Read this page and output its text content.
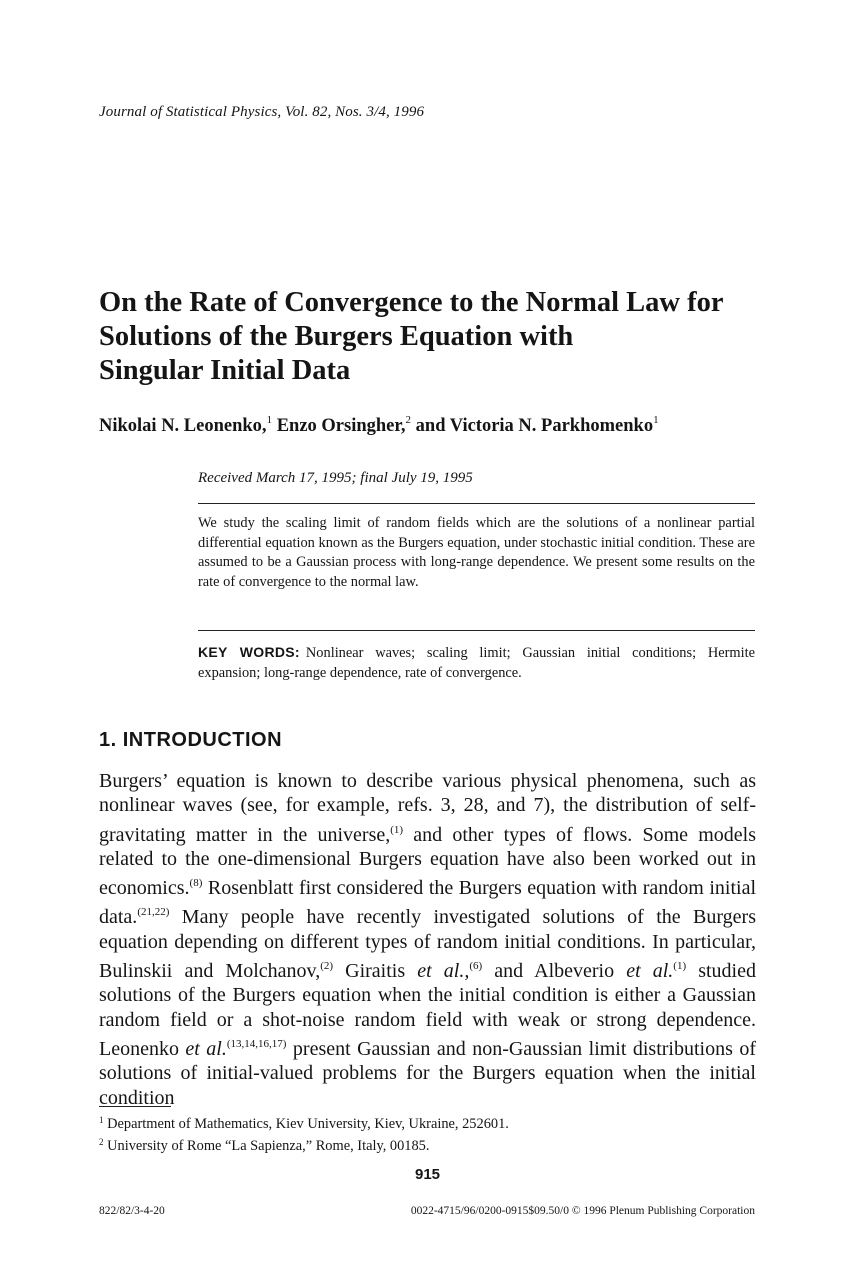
Journal of Statistical Physics, Vol. 82, Nos. 3/4, 1996
On the Rate of Convergence to the Normal Law for
Solutions of the Burgers Equation with
Singular Initial Data
Nikolai N. Leonenko,$^1$ Enzo Orsingher,$^2$ and Victoria N. Parkhomenko$^1$
Received March 17, 1995; final July 19, 1995
We study the scaling limit of random fields which are the solutions of a nonlinear partial differential equation known as the Burgers equation, under stochastic initial condition. These are assumed to be a Gaussian process with long-range dependence. We present some results on the rate of convergence to the normal law.
KEY WORDS: Nonlinear waves; scaling limit; Gaussian initial conditions; Hermite expansion; long-range dependence, rate of convergence.
1. INTRODUCTION
Burgers’ equation is known to describe various physical phenomena, such as nonlinear waves (see, for example, refs. 3, 28, and 7), the distribution of self-gravitating matter in the universe,$^{(1)}$ and other types of flows. Some models related to the one-dimensional Burgers equation have also been worked out in economics.$^{(8)}$ Rosenblatt first considered the Burgers equation with random initial data.$^{(21,22)}$ Many people have recently investigated solutions of the Burgers equation depending on different types of random initial conditions. In particular, Bulinskii and Molchanov,$^{(2)}$ Giraitis et al.,$^{(6)}$ and Albeverio et al.$^{(1)}$ studied solutions of the Burgers equation when the initial condition is either a Gaussian random field or a shot-noise random field with weak or strong dependence. Leonenko et al.$^{(13,14,16,17)}$ present Gaussian and non-Gaussian limit distributions of solutions of initial-valued problems for the Burgers equation when the initial condition
$^1$ Department of Mathematics, Kiev University, Kiev, Ukraine, 252601.
$^2$ University of Rome “La Sapienza,” Rome, Italy, 00185.
915
822/82/3-4-20	0022-4715/96/0200-0915$09.50/0 © 1996 Plenum Publishing Corporation
